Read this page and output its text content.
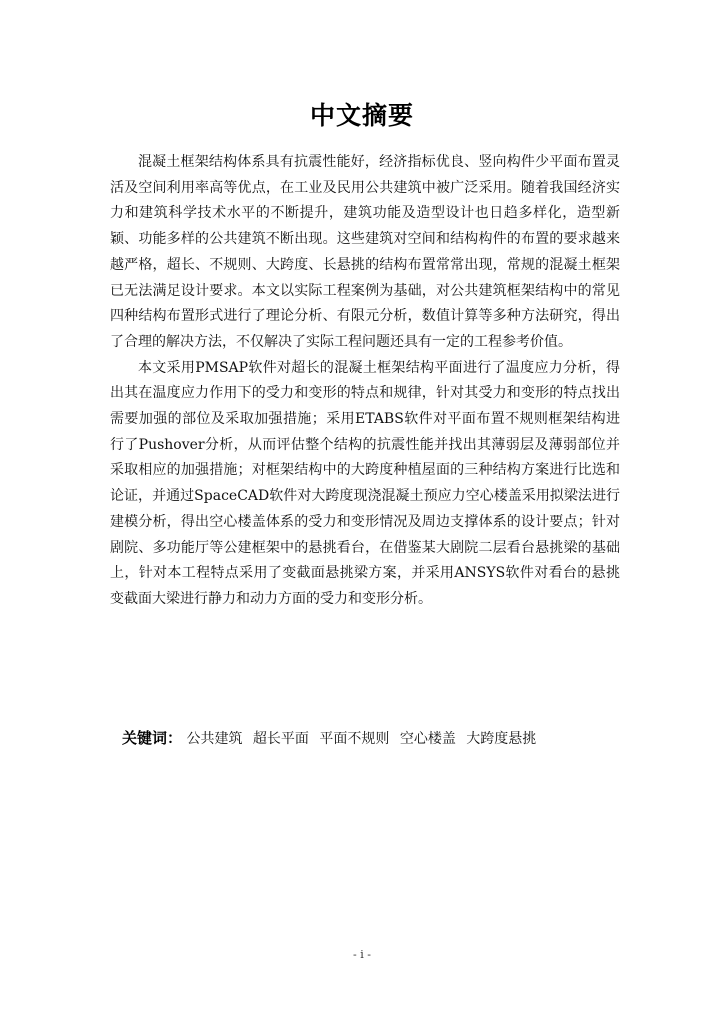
中文摘要

混凝土框架结构体系具有抗震性能好，经济指标优良、竖向构件少平面布置灵活及空间利用率高等优点，在工业及民用公共建筑中被广泛采用。随着我国经济实力和建筑科学技术水平的不断提升，建筑功能及造型设计也日趋多样化，造型新颖、功能多样的公共建筑不断出现。这些建筑对空间和结构构件的布置的要求越来越严格，超长、不规则、大跨度、长悬挑的结构布置常常出现，常规的混凝土框架已无法满足设计要求。本文以实际工程案例为基础，对公共建筑框架结构中的常见四种结构布置形式进行了理论分析、有限元分析，数值计算等多种方法研究，得出了合理的解决方法，不仅解决了实际工程问题还具有一定的工程参考价值。

本文采用PMSAP软件对超长的混凝土框架结构平面进行了温度应力分析，得出其在温度应力作用下的受力和变形的特点和规律，针对其受力和变形的特点找出需要加强的部位及采取加强措施；采用ETABS软件对平面布置不规则框架结构进行了Pushover分析，从而评估整个结构的抗震性能并找出其薄弱层及薄弱部位并采取相应的加强措施；对框架结构中的大跨度种植屋面的三种结构方案进行比选和论证，并通过SpaceCAD软件对大跨度现浇混凝土预应力空心楼盖采用拟梁法进行建模分析，得出空心楼盖体系的受力和变形情况及周边支撑体系的设计要点；针对剧院、多功能厅等公建框架中的悬挑看台，在借鉴某大剧院二层看台悬挑梁的基础上，针对本工程特点采用了变截面悬挑梁方案，并采用ANSYS软件对看台的悬挑变截面大梁进行静力和动力方面的受力和变形分析。

关键词： 公共建筑 超长平面 平面不规则 空心楼盖 大跨度悬挑
- i -
